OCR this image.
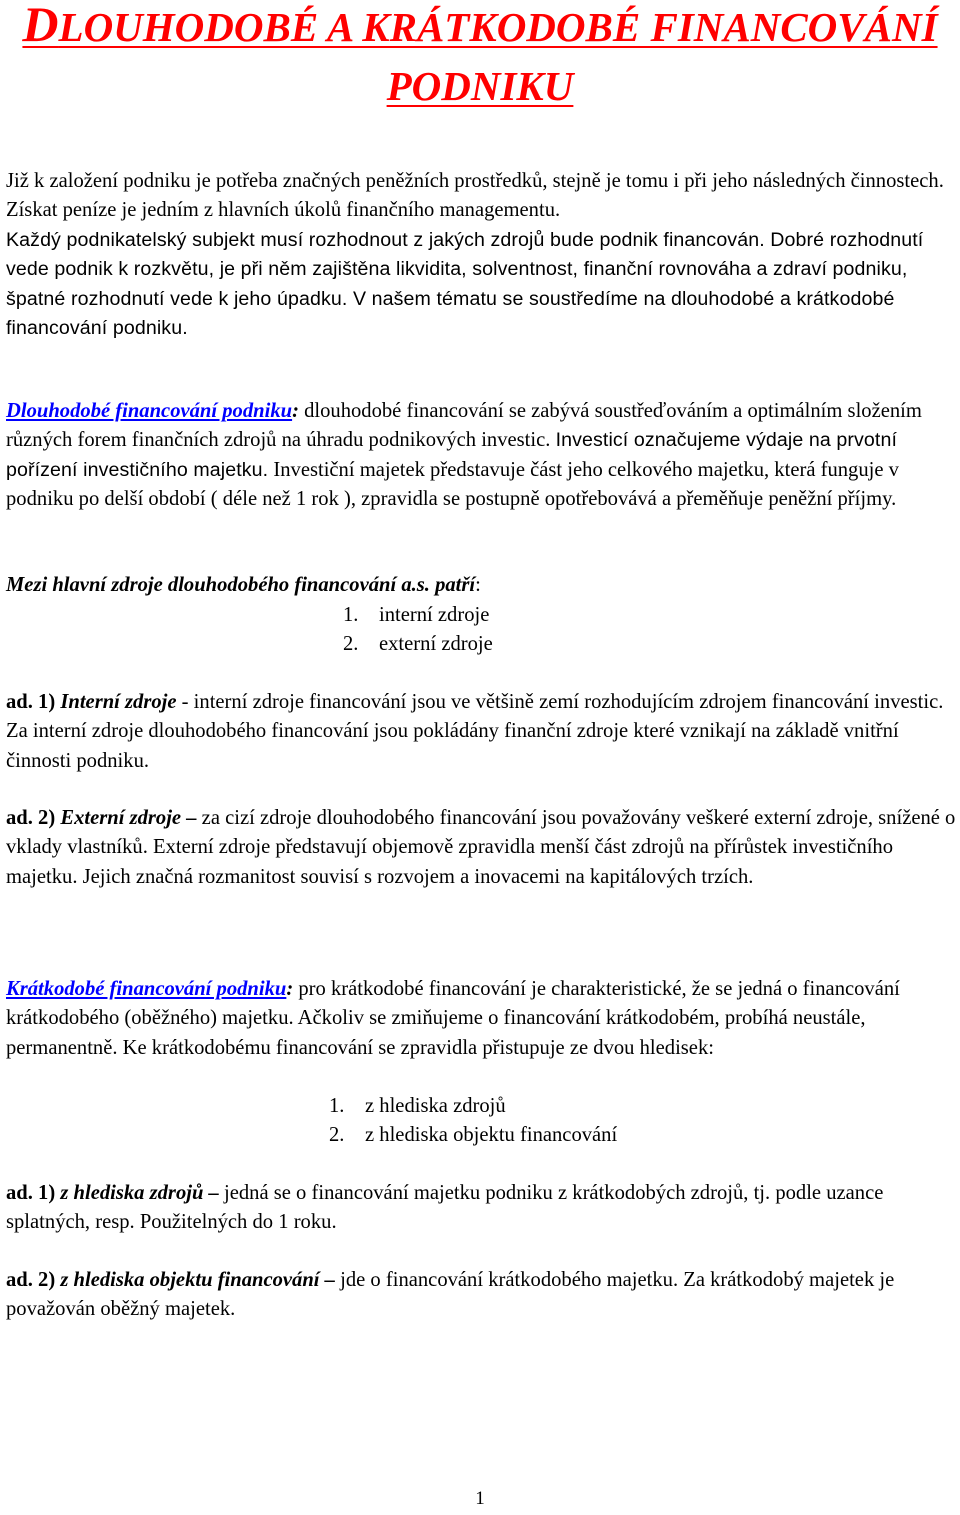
DLOUHODOBÉ A KRÁTKODOBÉ FINANCOVÁNÍ
PODNIKU

Již k založení podniku je potřeba značných peněžních prostředků, stejně je tomu i při jeho následných činnostech. Získat peníze je jedním z hlavních úkolů finančního managementu.

Každý podnikatelský subjekt musí rozhodnout z jakých zdrojů bude podnik financován. Dobré rozhodnutí vede podnik k rozkvětu, je při něm zajištěna likvidita, solventnost, finanční rovnováha a zdraví podniku, špatné rozhodnutí vede k jeho úpadku. V našem tématu se soustředíme na dlouhodobé a krátkodobé financování podniku.

Dlouhodobé financování podniku: dlouhodobé financování se zabývá soustřeďováním a optimálním složením různých forem finančních zdrojů na úhradu podnikových investic. Investicí označujeme výdaje na prvotní pořízení investičního majetku. Investiční majetek představuje část jeho celkového majetku, která funguje v podniku po delší období ( déle než 1 rok ), zpravidla se postupně opotřebovává a přeměňuje peněžní příjmy.

Mezi hlavní zdroje dlouhodobého financování a.s. patří:

1. interní zdroje
2. externí zdroje

ad. 1) Interní zdroje - interní zdroje financování jsou ve většině zemí rozhodujícím zdrojem financování investic. Za interní zdroje dlouhodobého financování jsou pokládány finanční zdroje které vznikají na základě vnitřní činnosti podniku.

ad. 2) Externí zdroje – za cizí zdroje dlouhodobého financování jsou považovány veškeré externí zdroje, snížené o vklady vlastníků. Externí zdroje představují objemově zpravidla menší část zdrojů na přírůstek investičního majetku. Jejich značná rozmanitost souvisí s rozvojem a inovacemi na kapitálových trzích.

Krátkodobé financování podniku: pro krátkodobé financování je charakteristické, že se jedná o financování krátkodobého (oběžného) majetku. Ačkoliv se zmiňujeme o financování krátkodobém, probíhá neustále, permanentně. Ke krátkodobému financování se zpravidla přistupuje ze dvou hledisek:

1. z hlediska zdrojů
2. z hlediska objektu financování

ad. 1) z hlediska zdrojů – jedná se o financování majetku podniku z krátkodobých zdrojů, tj. podle uzance splatných, resp. Použitelných do 1 roku.

ad. 2) z hlediska objektu financování – jde o financování krátkodobého majetku. Za krátkodobý majetek je považován oběžný majetek.

1
